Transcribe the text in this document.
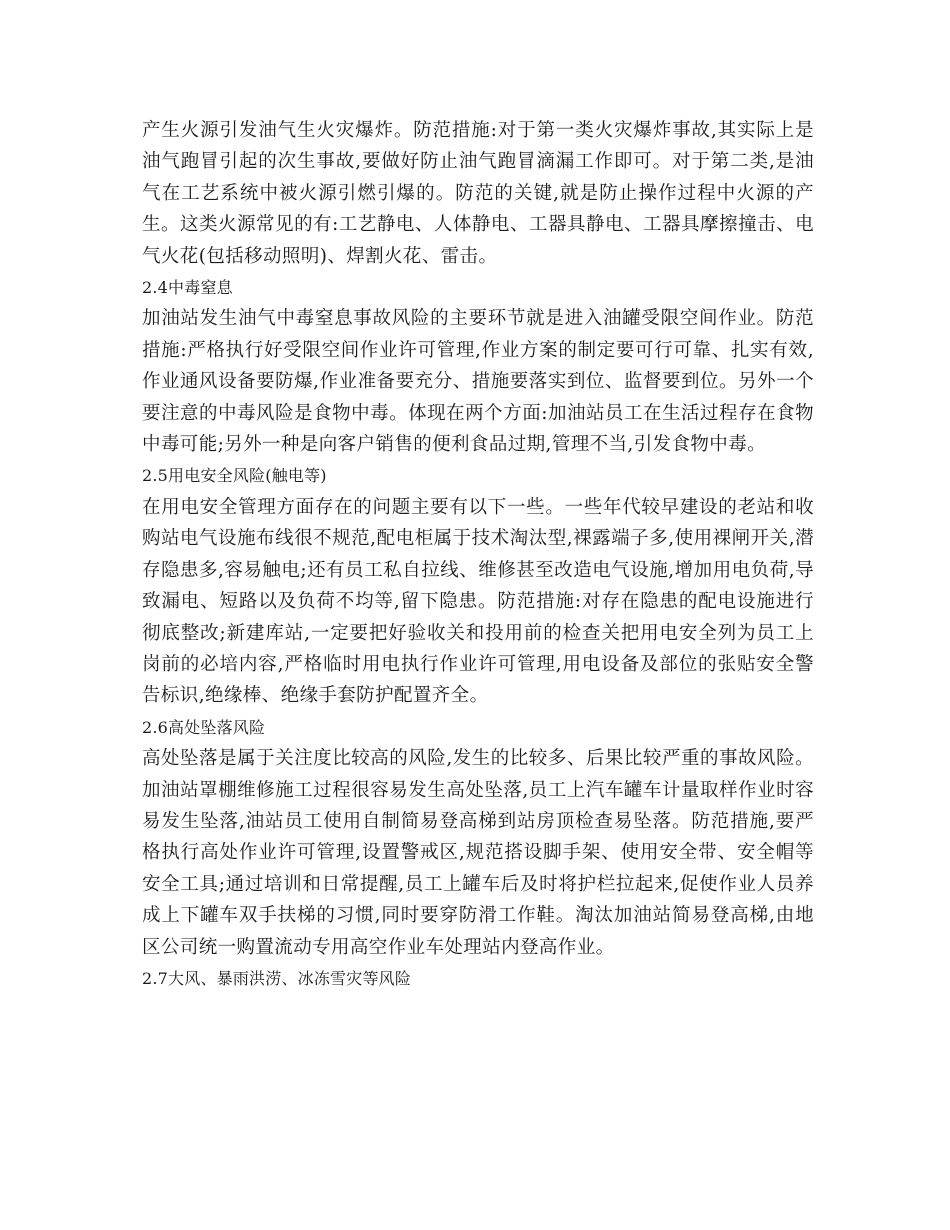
产生火源引发油气生火灾爆炸。防范措施:对于第一类火灾爆炸事故,其实际上是油气跑冒引起的次生事故,要做好防止油气跑冒滴漏工作即可。对于第二类,是油气在工艺系统中被火源引燃引爆的。防范的关键,就是防止操作过程中火源的产生。这类火源常见的有:工艺静电、人体静电、工器具静电、工器具摩擦撞击、电气火花(包括移动照明)、焊割火花、雷击。

2.4中毒窒息

加油站发生油气中毒窒息事故风险的主要环节就是进入油罐受限空间作业。防范措施:严格执行好受限空间作业许可管理,作业方案的制定要可行可靠、扎实有效,作业通风设备要防爆,作业准备要充分、措施要落实到位、监督要到位。另外一个要注意的中毒风险是食物中毒。体现在两个方面:加油站员工在生活过程存在食物中毒可能;另外一种是向客户销售的便利食品过期,管理不当,引发食物中毒。

2.5用电安全风险(触电等)

在用电安全管理方面存在的问题主要有以下一些。一些年代较早建设的老站和收购站电气设施布线很不规范,配电柜属于技术淘汰型,裸露端子多,使用裸闸开关,潜存隐患多,容易触电;还有员工私自拉线、维修甚至改造电气设施,增加用电负荷,导致漏电、短路以及负荷不均等,留下隐患。防范措施:对存在隐患的配电设施进行彻底整改;新建库站,一定要把好验收关和投用前的检查关把用电安全列为员工上岗前的必培内容,严格临时用电执行作业许可管理,用电设备及部位的张贴安全警告标识,绝缘棒、绝缘手套防护配置齐全。

2.6高处坠落风险

高处坠落是属于关注度比较高的风险,发生的比较多、后果比较严重的事故风险。加油站罩棚维修施工过程很容易发生高处坠落,员工上汽车罐车计量取样作业时容易发生坠落,油站员工使用自制简易登高梯到站房顶检查易坠落。防范措施,要严格执行高处作业许可管理,设置警戒区,规范搭设脚手架、使用安全带、安全帽等安全工具;通过培训和日常提醒,员工上罐车后及时将护栏拉起来,促使作业人员养成上下罐车双手扶梯的习惯,同时要穿防滑工作鞋。淘汰加油站简易登高梯,由地区公司统一购置流动专用高空作业车处理站内登高作业。

2.7大风、暴雨洪涝、冰冻雪灾等风险
